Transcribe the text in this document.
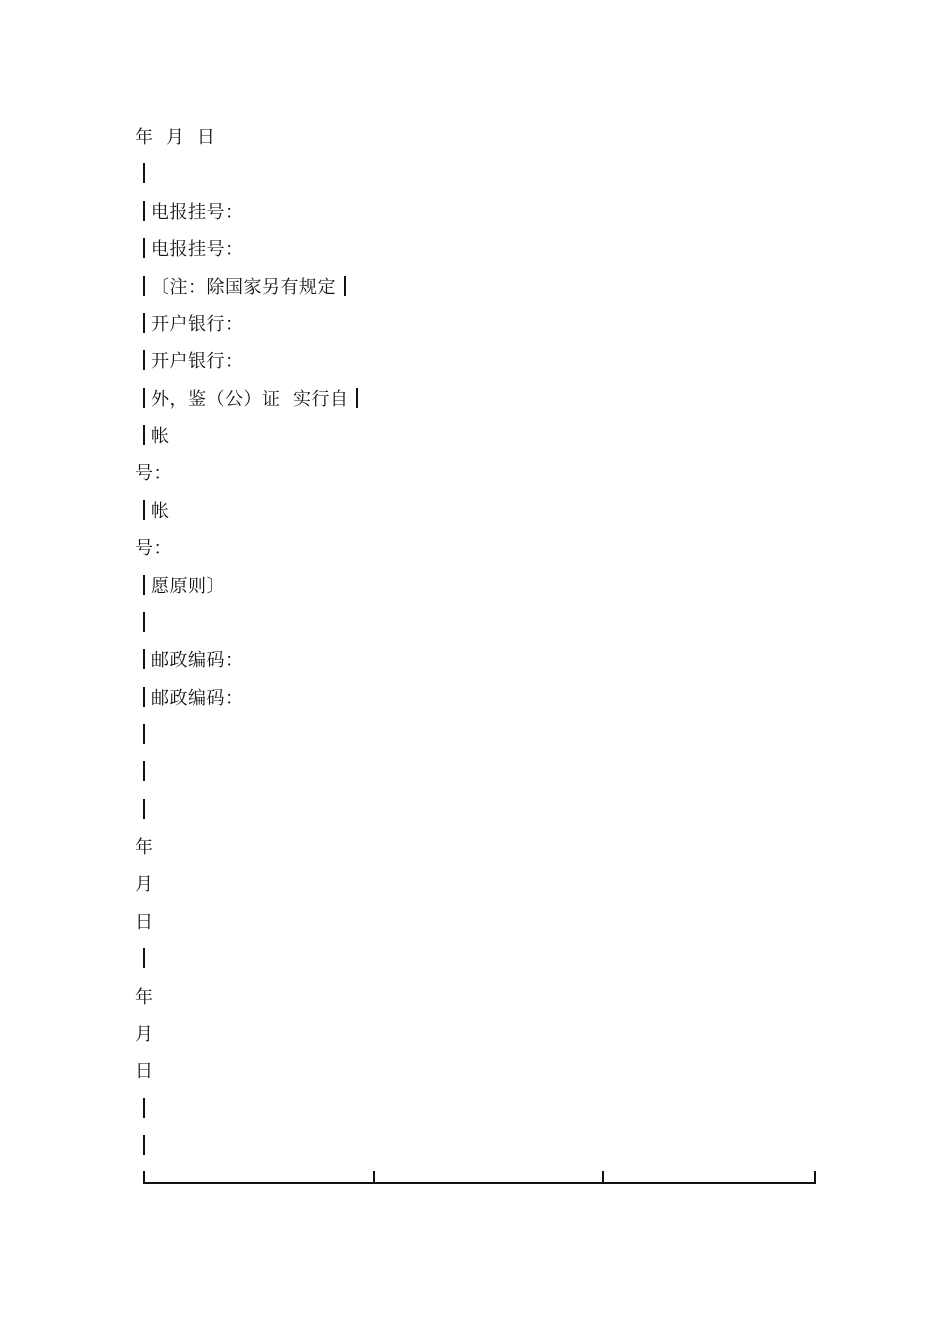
年  月  日
电报挂号：
电报挂号：
〔注：除国家另有规定
开户银行：
开户银行：
外，鉴（公）证  实行自
帐
号：
帐
号：
愿原则〕
邮政编码：
邮政编码：
年
月
日
年
月
日
